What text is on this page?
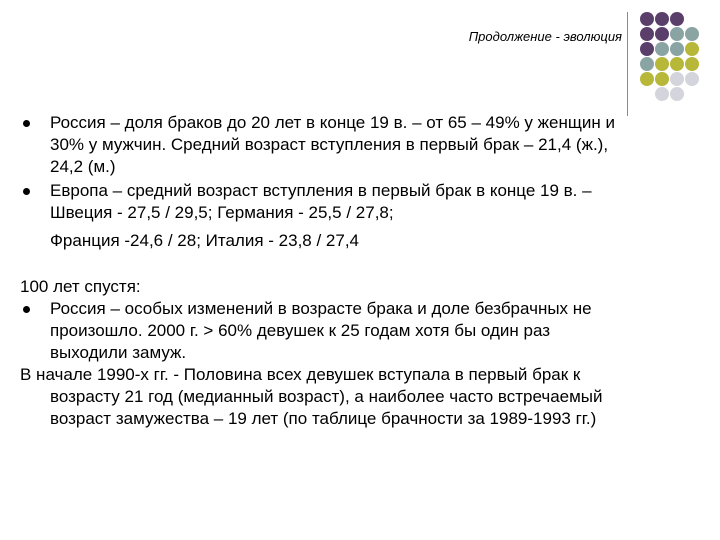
Продолжение - эволюция
Россия – доля браков до 20 лет в конце 19 в. – от 65 – 49% у женщин и 30% у мужчин. Средний возраст вступления в первый брак – 21,4 (ж.), 24,2 (м.)
Европа – средний возраст вступления в первый брак в конце 19 в. – Швеция - 27,5 / 29,5; Германия - 25,5 / 27,8;
Франция -24,6 / 28; Италия - 23,8 / 27,4
100 лет спустя:
Россия – особых изменений в возрасте брака и доле безбрачных не произошло. 2000 г. > 60% девушек к 25 годам хотя бы один раз выходили замуж.
В начале 1990-х гг. - Половина всех девушек вступала в первый брак к возрасту 21 год (медианный возраст), а наиболее часто встречаемый возраст замужества – 19 лет (по таблице брачности за 1989-1993 гг.)
